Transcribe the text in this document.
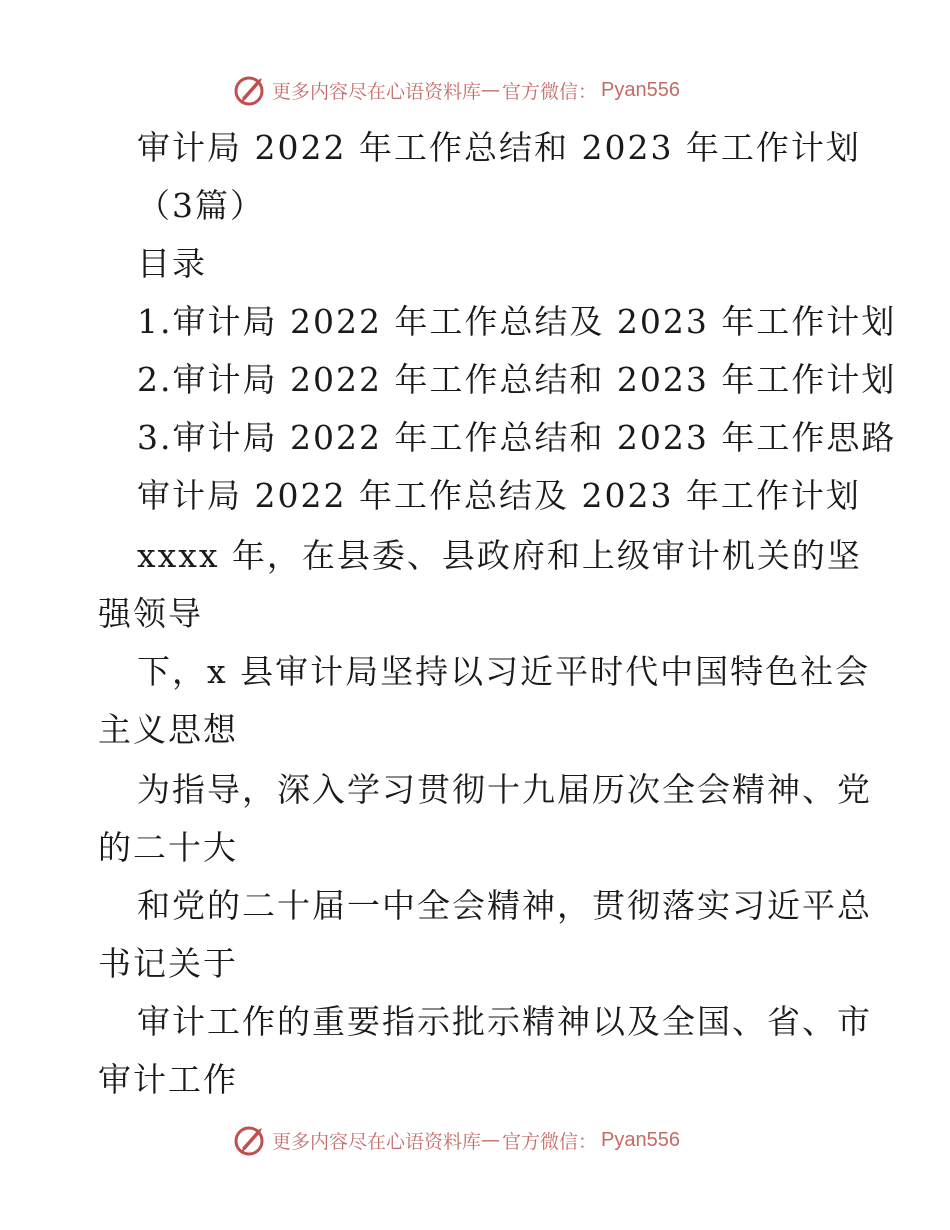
更多内容尽在心语资料库 — 官方微信： Pyan556
审计局 2022 年工作总结和 2023 年工作计划
（3篇）
目录
1.审计局 2022 年工作总结及 2023 年工作计划
2.审计局 2022 年工作总结和 2023 年工作计划
3.审计局 2022 年工作总结和 2023 年工作思路
审计局 2022 年工作总结及 2023 年工作计划
xxxx 年，在县委、县政府和上级审计机关的坚
强领导
下，x 县审计局坚持以习近平时代中国特色社会
主义思想
为指导，深入学习贯彻十九届历次全会精神、党
的二十大
和党的二十届一中全会精神，贯彻落实习近平总
书记关于
审计工作的重要指示批示精神以及全国、省、市
审计工作
更多内容尽在心语资料库 — 官方微信： Pyan556
